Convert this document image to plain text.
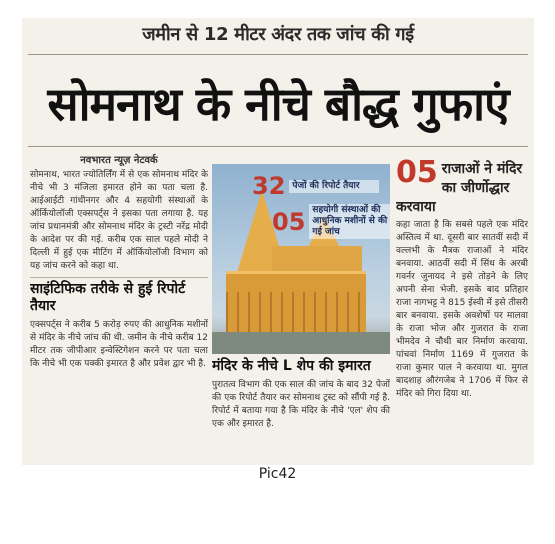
जमीन से 12 मीटर अंदर तक जांच की गई
सोमनाथ के नीचे बौद्ध गुफाएं
नवभारत न्यूज़ नेटवर्क
सोमनाथ, भारत ज्योतिर्लिंग में से एक सोमनाथ मंदिर के नीचे भी 3 मंजिला इमारत होने का पता चला है. आईआईटी गांधीनगर और 4 सहयोगी संस्थाओं के ऑर्कियोलॉजी एक्सपर्ट्स ने इसका पता लगाया है. यह जांच प्रधानमंत्री और सोमनाथ मंदिर के ट्रस्टी नरेंद्र मोदी के आदेश पर की गई. करीब एक साल पहले मोदी ने दिल्ली में हुई एक मीटिंग में ऑर्कियोलॉजी विभाग को यह जांच करने को कहा था.
साइंटिफिक तरीके से हुई रिपोर्ट तैयार
एक्सपर्ट्स ने करीब 5 करोड़ रुपए की आधुनिक मशीनों से मंदिर के नीचे जांच की थी. जमीन के नीचे करीब 12 मीटर तक जीपीआर इन्वेस्टिगेशन करने पर पता चला कि नीचे भी एक पक्की इमारत है और प्रवेश द्वार भी है.
32 पेजों की रिपोर्ट तैयार
05 सहयोगी संस्थाओं की आधुनिक मशीनों से की गई जांच
मंदिर के नीचे L शेप की इमारत
पुरातत्व विभाग की एक साल की जांच के बाद 32 पेजों की एक रिपोर्ट तैयार कर सोमनाथ ट्रस्ट को सौंपी गई है. रिपोर्ट में बताया गया है कि मंदिर के नीचे 'एल' शेप की एक और इमारत है.
05 राजाओं ने मंदिर का जीर्णोद्धार करवाया
कहा जाता है कि सबसे पहले एक मंदिर अस्तित्व में था. दूसरी बार सातवीं सदी में वल्लभी के मैत्रक राजाओं ने मंदिर बनवाया. आठवीं सदी में सिंध के अरबी गवर्नर जुनायद ने इसे तोड़ने के लिए अपनी सेना भेजी. इसके बाद प्रतिहार राजा नागभट्ट ने 815 ईस्वी में इसे तीसरी बार बनवाया. इसके अवशेषों पर मालवा के राजा भोज और गुजरात के राजा भीमदेव ने चौथी बार निर्माण करवाया. पांचवां निर्माण 1169 में गुजरात के राजा कुमार पाल ने करवाया था. मुगल बादशाह औरंगजेब ने 1706 में फिर से मंदिर को गिरा दिया था.
Pic42
